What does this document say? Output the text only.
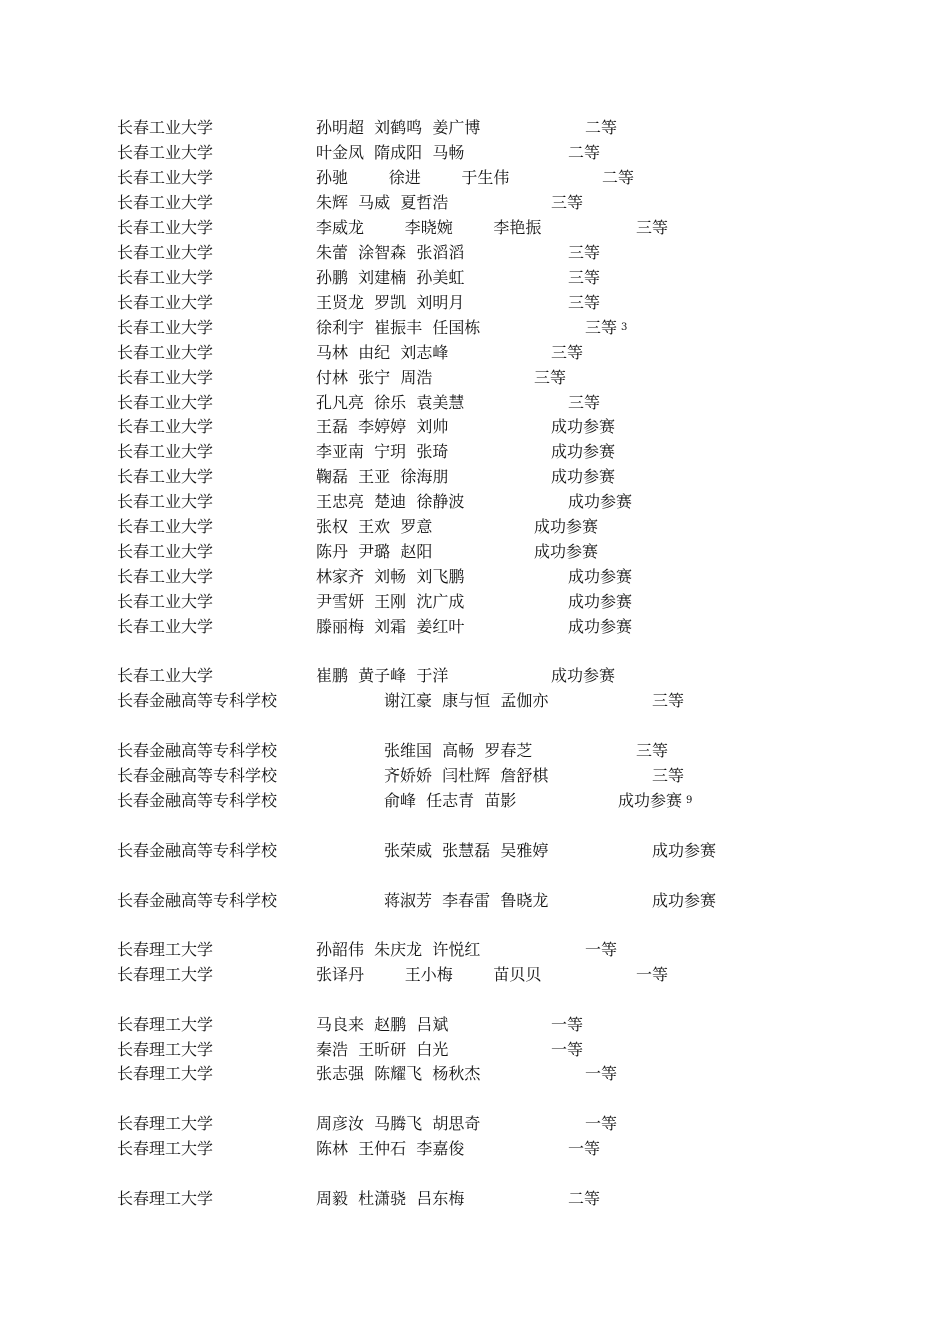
长春工业大学	孙明超  刘鹤鸣  姜广博	二等
长春工业大学	叶金凤  隋成阳  马畅	二等
长春工业大学	孙驰        徐进        于生伟	二等
长春工业大学	朱辉  马威  夏哲浩	三等
长春工业大学	李威龙        李晓婉        李艳振	三等
长春工业大学	朱蕾  涂智森  张滔滔	三等
长春工业大学	孙鹏  刘建楠  孙美虹	三等
长春工业大学	王贤龙  罗凯  刘明月	三等
长春工业大学	徐利宇  崔振丰  任国栋	三等 3
长春工业大学	马林  由纪  刘志峰	三等
长春工业大学	付林  张宁  周浩	三等
长春工业大学	孔凡亮  徐乐  袁美慧	三等
长春工业大学	王磊  李婷婷  刘帅	成功参赛
长春工业大学	李亚南  宁玥  张琦	成功参赛
长春工业大学	鞠磊  王亚  徐海朋	成功参赛
长春工业大学	王忠亮  楚迪  徐静波	成功参赛
长春工业大学	张权  王欢  罗意	成功参赛
长春工业大学	陈丹  尹璐  赵阳	成功参赛
长春工业大学	林家齐  刘畅  刘飞鹏	成功参赛
长春工业大学	尹雪妍  王刚  沈广成	成功参赛
长春工业大学	滕丽梅  刘霜  姜红叶	成功参赛
长春工业大学	崔鹏  黄子峰  于洋	成功参赛
长春金融高等专科学校	谢江豪  康与恒  孟伽亦	三等
长春金融高等专科学校	张维国  高畅  罗春芝	三等
长春金融高等专科学校	齐娇娇  闫杜辉  詹舒棋	三等
长春金融高等专科学校	俞峰  任志青  苗影	成功参赛 9
长春金融高等专科学校	张荣威  张慧磊  吴雅婷	成功参赛
长春金融高等专科学校	蒋淑芳  李春雷  鲁晓龙	成功参赛
长春理工大学	孙韶伟  朱庆龙  许悦红	一等
长春理工大学	张译丹        王小梅        苗贝贝	一等
长春理工大学	马良来  赵鹏  吕斌	一等
长春理工大学	秦浩  王昕研  白光	一等
长春理工大学	张志强  陈耀飞  杨秋杰	一等
长春理工大学	周彦汝  马腾飞  胡思奇	一等
长春理工大学	陈林  王仲石  李嘉俊	一等
长春理工大学	周毅  杜潇骁  吕东梅	二等
